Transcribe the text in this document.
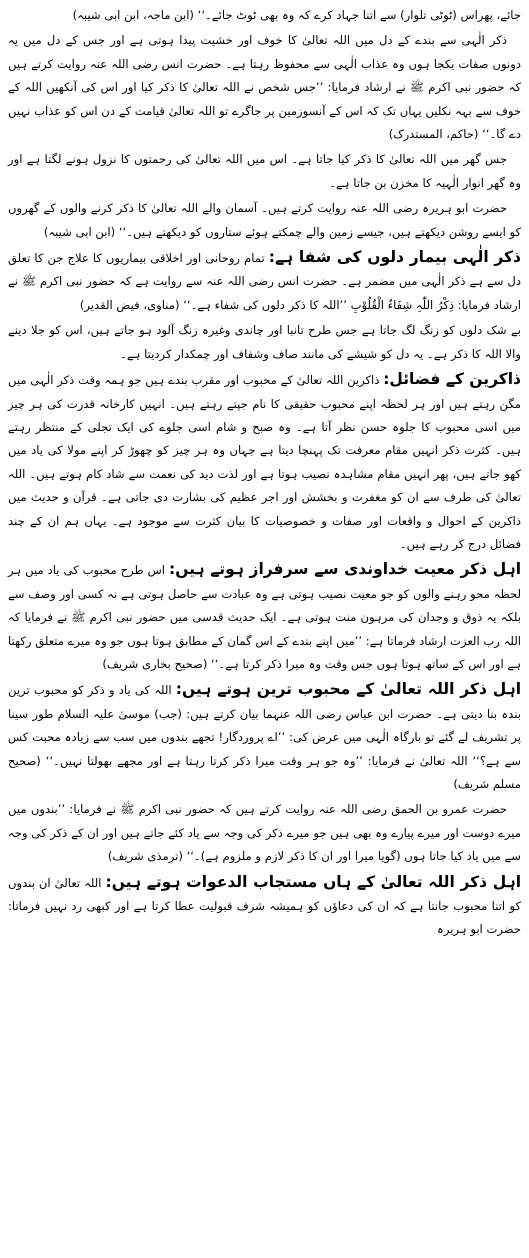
جائے، پھراس (ٹوٹی تلوار) سے اتنا جہاد کرے کہ وہ بھی ٹوٹ جائے۔‘‘ (ابن ماجہ، ابن ابی شیبہ)

ذکر الٰہی سے بندے کے دل میں اللہ تعالیٰ کا خوف اور خشیت پیدا ہوتی ہے اور جس کے دل میں یہ دونوں صفات یکجا ہوں وہ عذاب الٰہی سے محفوظ رہتا ہے۔ حضرت انس رضی اللہ عنہ روایت کرتے ہیں کہ حضور نبی اکرم ﷺ نے ارشاد فرمایا: ’’جس شخص نے اللہ تعالیٰ کا ذکر کیا اور اس کی آنکھیں اللہ کے خوف سے بہہ نکلیں یہاں تک کہ اس کے آنسوزمین پر جاگرے تو اللہ تعالیٰ قیامت کے دن اس کو عذاب نہیں دے گا۔‘‘ (حاکم، المستدرک)

جس گھر میں اللہ تعالیٰ کا ذکر کیا جاتا ہے۔ اس میں اللہ تعالیٰ کی رحمتوں کا نزول ہونے لگتا ہے اور وہ گھر انوار الٰہیہ کا مخزن بن جاتا ہے۔

حضرت ابو ہریرہ رضی اللہ عنہ روایت کرتے ہیں۔ آسمان والے اللہ تعالیٰ کا ذکر کرنے والوں کے گھروں کو ایسے روشن دیکھتے ہیں، جیسے زمین والے چمکتے ہوئے ستاروں کو دیکھتے ہیں۔‘‘ (ابن ابی شیبہ)

ذکر الٰہی بیمار دلوں کی شفا ہے: تمام روحانی اور اخلاقی بیماریوں کا علاج جن کا تعلق دل سے ہے ذکر الٰہی میں مضمر ہے۔ حضرت انس رضی اللہ عنہ سے روایت ہے کہ حضور نبی اکرم ﷺ نے ارشاد فرمایا: ذِکْرُ اللّٰہِ شِفَاءُ الْقُلُوْبِ ’’اللہ کا ذکر دلوں کی شفاء ہے۔‘‘ (مناوی، فیض القدیر)

بے شک دلوں کو زنگ لگ جاتا ہے جس طرح تانبا اور چاندی وغیرہ زنگ آلود ہو جاتے ہیں، اس کو جلا دینے والا اللہ کا ذکر ہے۔ یہ دل کو شیشے کی مانند صاف وشفاف اور چمکدار کردیتا ہے۔

ذاکرین کے فضائل: ذاکرین اللہ تعالیٰ کے محبوب اور مقرب بندے ہیں جو ہمہ وقت ذکر الٰہی میں مگن رہتے ہیں اور ہر لحظہ اپنے محبوب حقیقی کا نام جپتے رہتے ہیں۔ انہیں کارخانہ قدرت کی ہر چیز میں اسی محبوب کا جلوہ حسن نظر آتا ہے۔ وہ صبح و شام اسی جلوے کی ایک تجلی کے منتظر رہتے ہیں۔ کثرت ذکر انہیں مقام معرفت تک پہنچا دیتا ہے جہاں وہ ہر چیز کو چھوڑ کر اپنے مولا کی یاد میں کھو جاتے ہیں، پھر انہیں مقام مشاہدہ نصیب ہوتا ہے اور لذت دید کی نعمت سے شاد کام ہوتے ہیں۔ اللہ تعالیٰ کی طرف سے ان کو مغفرت و بخشش اور اجر عظیم کی بشارت دی جاتی ہے۔ قرآن و حدیث میں ذاکرین کے احوال و واقعات اور صفات و خصوصیات کا بیان کثرت سے موجود ہے۔ یہاں ہم ان کے چند فضائل درج کر رہے ہیں۔

اہل ذکر معیت خداوندی سے سرفراز ہوتے ہیں: اس طرح محبوب کی یاد میں ہر لحظہ محو رہنے والوں کو جو معیت نصیب ہوتی ہے وہ عبادت سے حاصل ہوتی ہے نہ کسی اور وصف سے بلکہ یہ ذوق و وجدان کی مرہون منت ہوتی ہے۔ ایک حدیث قدسی میں حضور نبی اکرم ﷺ نے فرمایا کہ اللہ رب العزت ارشاد فرماتا ہے: ’’میں اپنے بندے کے اس گمان کے مطابق ہوتا ہوں جو وہ میرے متعلق رکھتا ہے اور اس کے ساتھ ہوتا ہوں جس وقت وہ میرا ذکر کرتا ہے۔‘‘ (صحیح بخاری شریف)

اہل ذکر اللہ تعالیٰ کے محبوب ترین ہوتے ہیں: اللہ کی یاد و ذکر کو محبوب ترین بندہ بنا دیتی ہے۔ حضرت ابن عباس رضی اللہ عنہما بیان کرتے ہیں: (جب) موسیٰ علیہ السلام طور سینا پر تشریف لے گئے تو بارگاہ الٰہی میں عرض کی: ’’اے پروردگار! تجھے بندوں میں سب سے زیادہ محبت کس سے ہے؟‘‘ اللہ تعالیٰ نے فرمایا: ’’وہ جو ہر وقت میرا ذکر کرتا رہتا ہے اور مجھے بھولتا نہیں۔‘‘ (صحیح مسلم شریف)

حضرت عمرو بن الحمق رضی اللہ عنہ روایت کرتے ہیں کہ حضور نبی اکرم ﷺ نے فرمایا: ’’بندوں میں میرے دوست اور میرے پیارے وہ بھی ہیں جو میرے ذکر کی وجہ سے یاد کئے جاتے ہیں اور ان کے ذکر کی وجہ سے میں یاد کیا جاتا ہوں (گویا میرا اور ان کا ذکر لازم و ملزوم ہے)۔‘‘ (ترمذی شریف)

اہل ذکر اللہ تعالیٰ کے ہاں مستجاب الدعوات ہوتے ہیں: اللہ تعالیٰ ان بندوں کو اتنا محبوب جانتا ہے کہ ان کی دعاؤں کو ہمیشہ شرف قبولیت عطا کرتا ہے اور کبھی رد نہیں فرماتا: حضرت ابو ہریرہ
